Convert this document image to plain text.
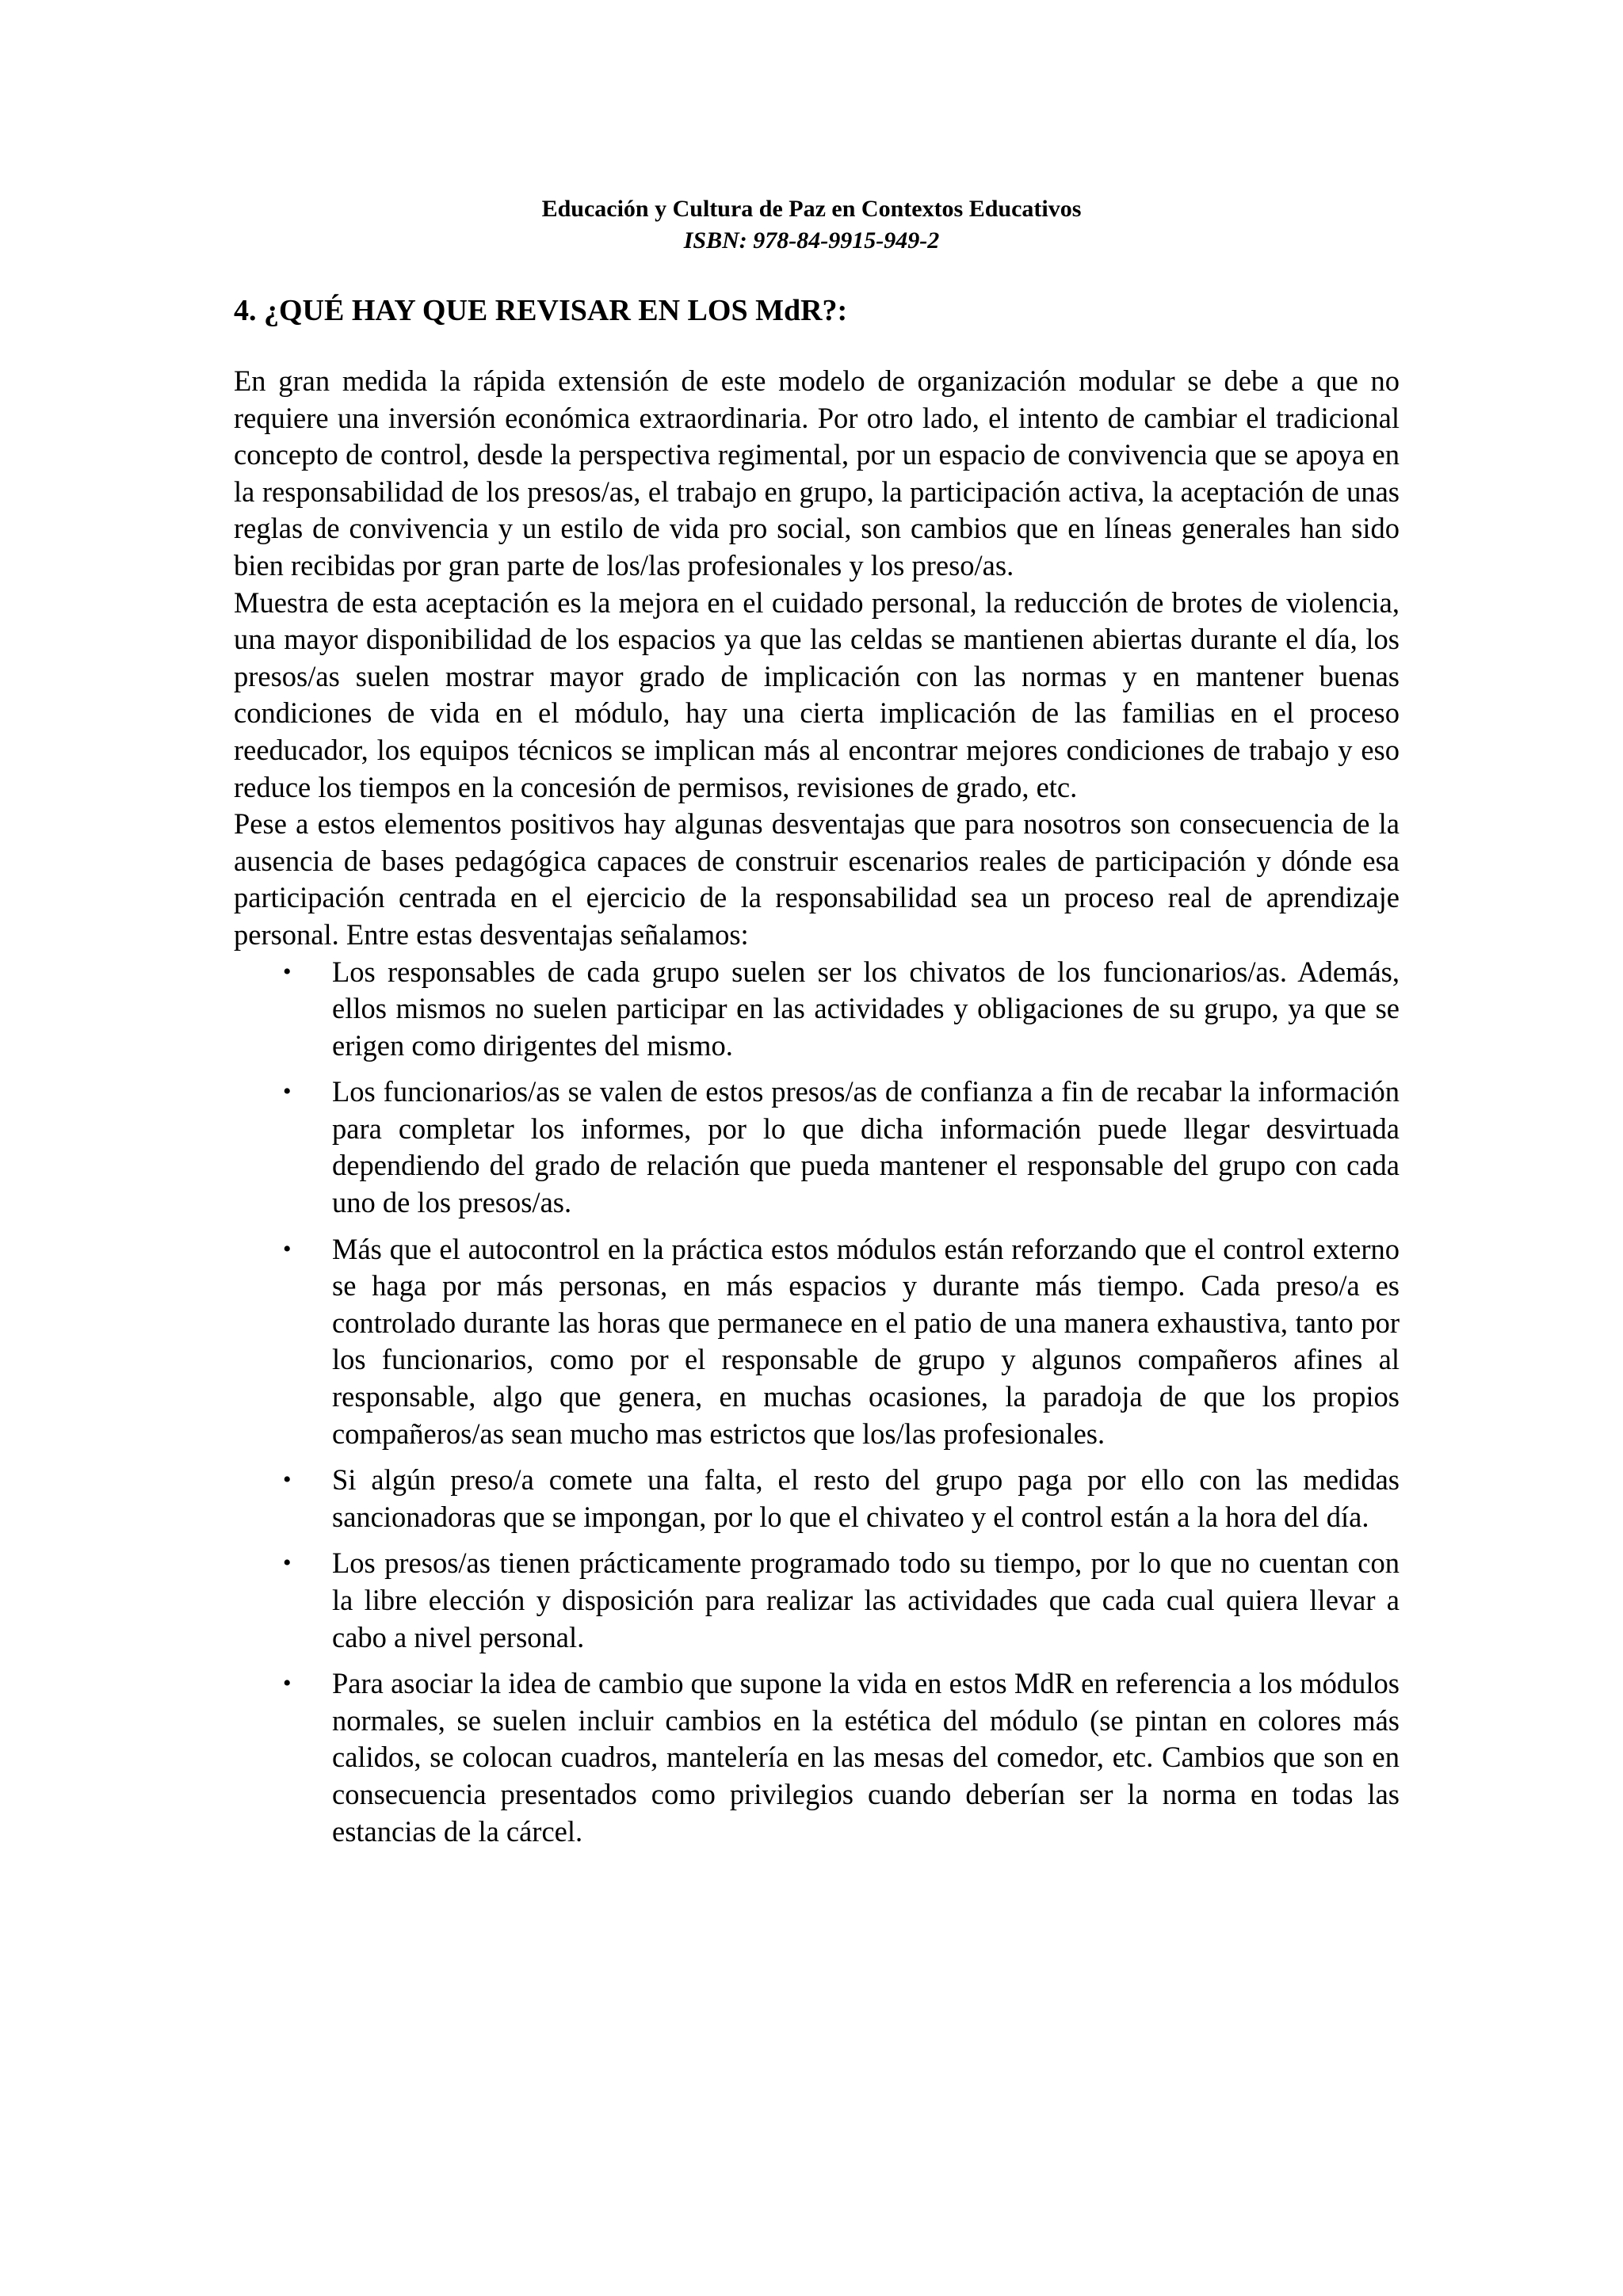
Educación y Cultura de Paz en Contextos Educativos
ISBN: 978-84-9915-949-2
4. ¿QUÉ HAY QUE REVISAR EN LOS MdR?:

En gran medida la rápida extensión de este modelo de organización modular se debe a que no requiere una inversión económica extraordinaria. Por otro lado, el intento de cambiar el tradicional concepto de control, desde la perspectiva regimental, por un espacio de convivencia que se apoya en la responsabilidad de los presos/as, el trabajo en grupo, la participación activa, la aceptación de unas reglas de convivencia y un estilo de vida pro social, son cambios que en líneas generales han sido bien recibidas por gran parte de los/las profesionales y los preso/as.

Muestra de esta aceptación es la mejora en el cuidado personal, la reducción de brotes de violencia, una mayor disponibilidad de los espacios ya que las celdas se mantienen abiertas durante el día, los presos/as suelen mostrar mayor grado de implicación con las normas y en mantener buenas condiciones de vida en el módulo, hay una cierta implicación de las familias en el proceso reeducador, los equipos técnicos se implican más al encontrar mejores condiciones de trabajo y eso reduce los tiempos en la concesión de permisos, revisiones de grado, etc.

Pese a estos elementos positivos hay algunas desventajas que para nosotros son consecuencia de la ausencia de bases pedagógica capaces de construir escenarios reales de participación y dónde esa participación centrada en el ejercicio de la responsabilidad sea un proceso real de aprendizaje personal. Entre estas desventajas señalamos:

• Los responsables de cada grupo suelen ser los chivatos de los funcionarios/as. Además, ellos mismos no suelen participar en las actividades y obligaciones de su grupo, ya que se erigen como dirigentes del mismo.
• Los funcionarios/as se valen de estos presos/as de confianza a fin de recabar la información para completar los informes, por lo que dicha información puede llegar desvirtuada dependiendo del grado de relación que pueda mantener el responsable del grupo con cada uno de los presos/as.
• Más que el autocontrol en la práctica estos módulos están reforzando que el control externo se haga por más personas, en más espacios y durante más tiempo. Cada preso/a es controlado durante las horas que permanece en el patio de una manera exhaustiva, tanto por los funcionarios, como por el responsable de grupo y algunos compañeros afines al responsable, algo que genera, en muchas ocasiones, la paradoja de que los propios compañeros/as sean mucho mas estrictos que los/las profesionales.
• Si algún preso/a comete una falta, el resto del grupo paga por ello con las medidas sancionadoras que se impongan, por lo que el chivateo y el control están a la hora del día.
• Los presos/as tienen prácticamente programado todo su tiempo, por lo que no cuentan con la libre elección y disposición para realizar las actividades que cada cual quiera llevar a cabo a nivel personal.
• Para asociar la idea de cambio que supone la vida en estos MdR en referencia a los módulos normales, se suelen incluir cambios en la estética del módulo (se pintan en colores más calidos, se colocan cuadros, mantelería en las mesas del comedor, etc. Cambios que son en consecuencia presentados como privilegios cuando deberían ser la norma en todas las estancias de la cárcel.
